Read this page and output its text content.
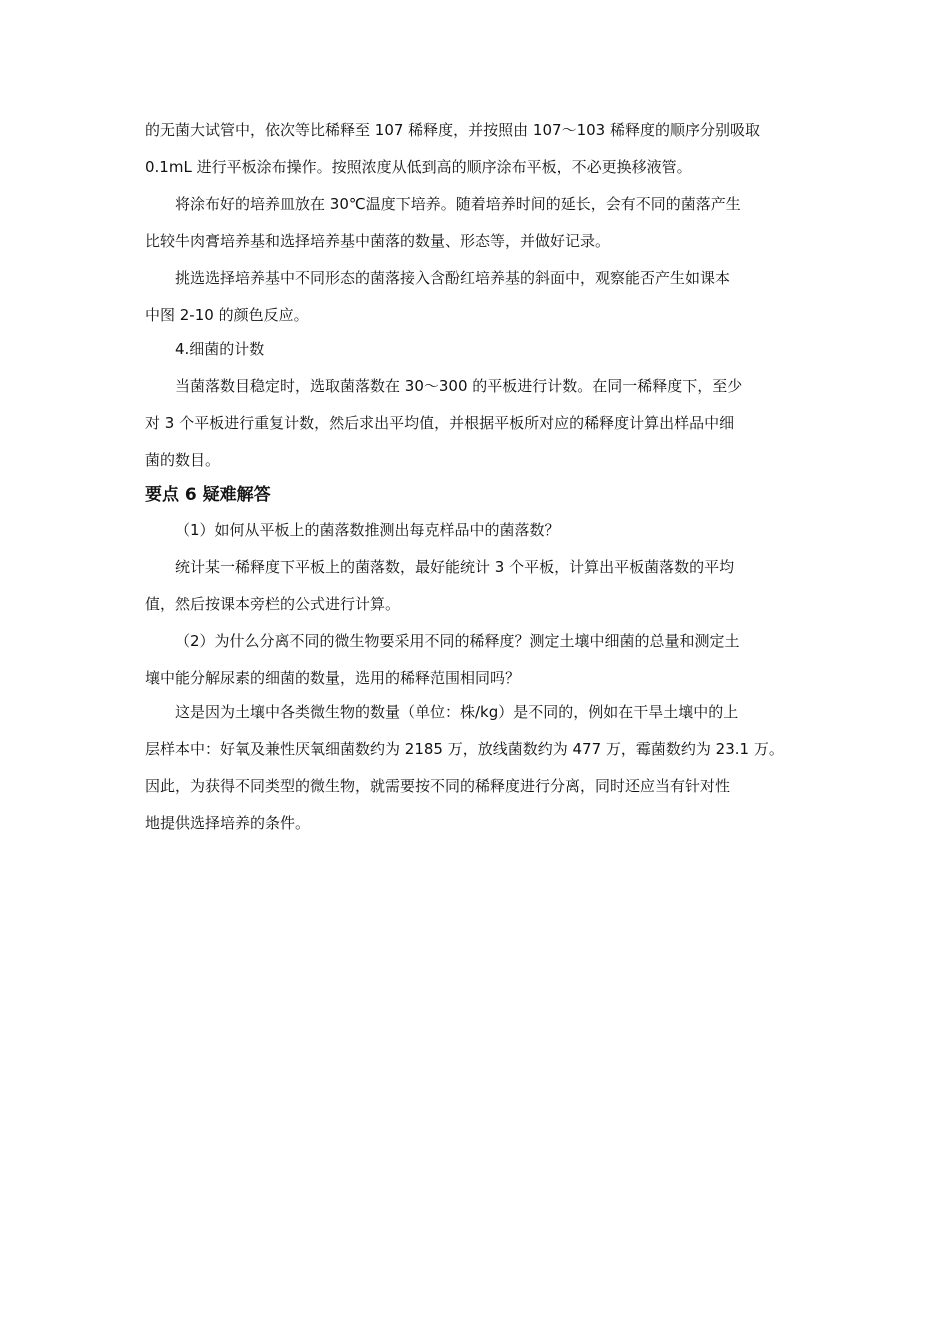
的无菌大试管中，依次等比稀释至 107 稀释度，并按照由 107～103 稀释度的顺序分别吸取
0.1mL 进行平板涂布操作。按照浓度从低到高的顺序涂布平板，不必更换移液管。
将涂布好的培养皿放在 30℃温度下培养。随着培养时间的延长，会有不同的菌落产生
比较牛肉膏培养基和选择培养基中菌落的数量、形态等，并做好记录。
挑选选择培养基中不同形态的菌落接入含酚红培养基的斜面中，观察能否产生如课本
中图 2-10 的颜色反应。
4.细菌的计数
当菌落数目稳定时，选取菌落数在 30～300 的平板进行计数。在同一稀释度下，至少
对 3 个平板进行重复计数，然后求出平均值，并根据平板所对应的稀释度计算出样品中细
菌的数目。
要点 6 疑难解答
（1）如何从平板上的菌落数推测出每克样品中的菌落数？
统计某一稀释度下平板上的菌落数，最好能统计 3 个平板，计算出平板菌落数的平均
值，然后按课本旁栏的公式进行计算。
（2）为什么分离不同的微生物要采用不同的稀释度？测定土壤中细菌的总量和测定土
壤中能分解尿素的细菌的数量，选用的稀释范围相同吗？
这是因为土壤中各类微生物的数量（单位：株/kg）是不同的，例如在干旱土壤中的上
层样本中：好氧及兼性厌氧细菌数约为 2185 万，放线菌数约为 477 万，霉菌数约为 23.1 万。
因此，为获得不同类型的微生物，就需要按不同的稀释度进行分离，同时还应当有针对性
地提供选择培养的条件。
